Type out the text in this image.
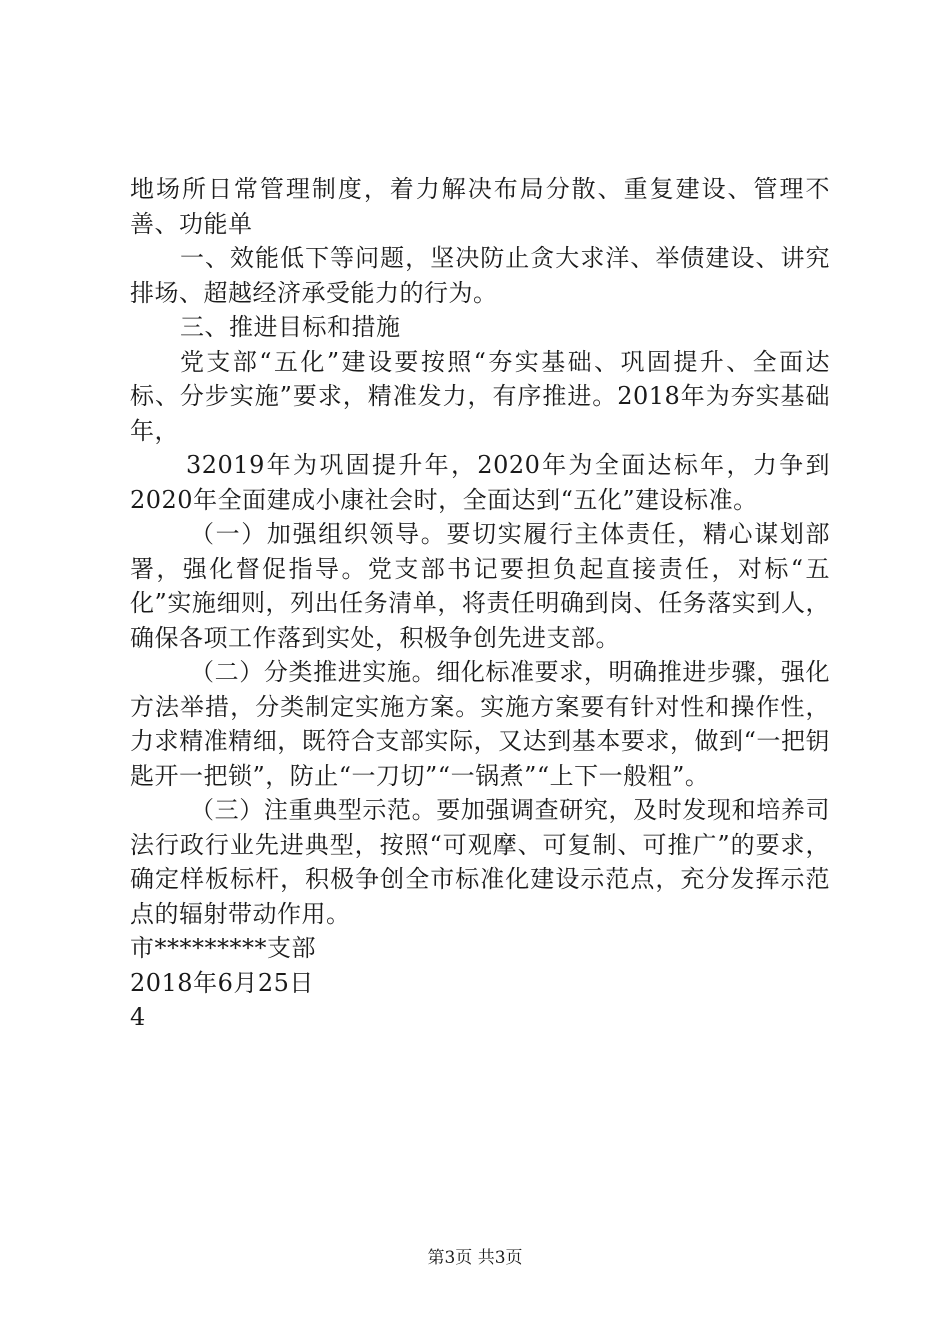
地场所日常管理制度，着力解决布局分散、重复建设、管理不善、功能单

一、效能低下等问题，坚决防止贪大求洋、举债建设、讲究排场、超越经济承受能力的行为。

三、推进目标和措施

党支部“五化”建设要按照“夯实基础、巩固提升、全面达标、分步实施”要求，精准发力，有序推进。2018年为夯实基础年，

32019年为巩固提升年，2020年为全面达标年，力争到2020年全面建成小康社会时，全面达到“五化”建设标准。

（一）加强组织领导。要切实履行主体责任，精心谋划部署，强化督促指导。党支部书记要担负起直接责任，对标“五化”实施细则，列出任务清单，将责任明确到岗、任务落实到人，确保各项工作落到实处，积极争创先进支部。

（二）分类推进实施。细化标准要求，明确推进步骤，强化方法举措，分类制定实施方案。实施方案要有针对性和操作性，力求精准精细，既符合支部实际，又达到基本要求，做到“一把钥匙开一把锁”，防止“一刀切”“一锅煮”“上下一般粗”。

（三）注重典型示范。要加强调查研究，及时发现和培养司法行政行业先进典型，按照“可观摩、可复制、可推广”的要求，确定样板标杆，积极争创全市标准化建设示范点，充分发挥示范点的辐射带动作用。

市*********支部

2018年6月25日

4

第3页 共3页
